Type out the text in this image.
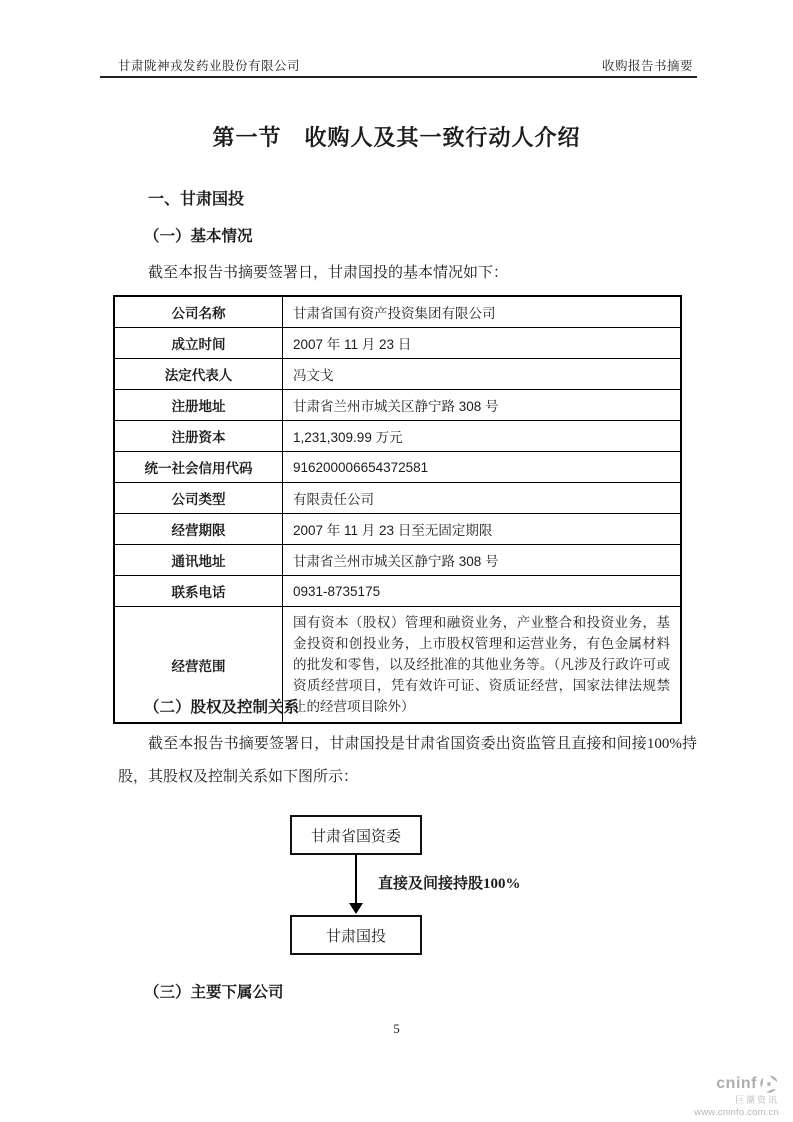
甘肃陇神戎发药业股份有限公司	收购报告书摘要
第一节　收购人及其一致行动人介绍
一、甘肃国投
（一）基本情况
截至本报告书摘要签署日，甘肃国投的基本情况如下：
公司名称	甘肃省国有资产投资集团有限公司
成立时间	2007 年 11 月 23 日
法定代表人	冯文戈
注册地址	甘肃省兰州市城关区静宁路 308 号
注册资本	1,231,309.99 万元
统一社会信用代码	916200006654372581
公司类型	有限责任公司
经营期限	2007 年 11 月 23 日至无固定期限
通讯地址	甘肃省兰州市城关区静宁路 308 号
联系电话	0931-8735175
经营范围	国有资本（股权）管理和融资业务，产业整合和投资业务，基金投资和创投业务，上市股权管理和运营业务，有色金属材料的批发和零售，以及经批准的其他业务等。（凡涉及行政许可或资质经营项目，凭有效许可证、资质证经营，国家法律法规禁止的经营项目除外）
（二）股权及控制关系
截至本报告书摘要签署日，甘肃国投是甘肃省国资委出资监管且直接和间接100%持股，其股权及控制关系如下图所示：
甘肃省国资委
直接及间接持股100%
甘肃国投
（三）主要下属公司
5
cninf
巨潮资讯
www.cninfo.com.cn
